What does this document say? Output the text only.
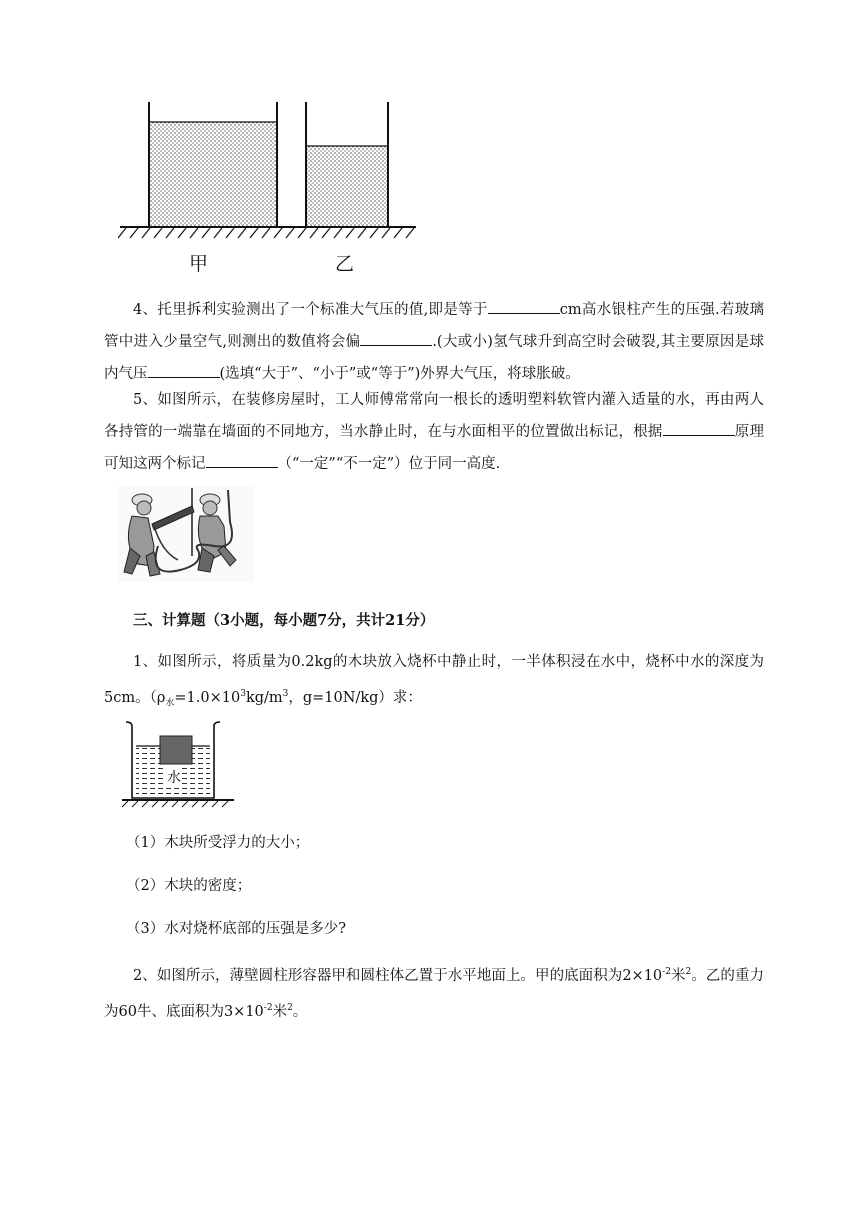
甲	乙
4、托里拆利实验测出了一个标准大气压的值,即是等于	cm高水银柱产生的压强.若玻璃管中进入少量空气,则测出的数值将会偏	.(大或小)氢气球升到高空时会破裂,其主要原因是球内气压	(选填“大于”、“小于”或“等于”)外界大气压，将球胀破。
5、如图所示，在装修房屋时，工人师傅常常向一根长的透明塑料软管内灌入适量的水，再由两人各持管的一端靠在墙面的不同地方，当水静止时，在与水面相平的位置做出标记，根据	原理可知这两个标记	（“一定”“不一定”）位于同一高度.
三、计算题（3小题，每小题7分，共计21分）
1、如图所示，将质量为0.2kg的木块放入烧杯中静止时，一半体积浸在水中，烧杯中水的深度为5cm。（$\rho_水=1.0\times 10^3kg/m^3$，g=10N/kg）求：
水
（1）木块所受浮力的大小；
（2）木块的密度；
（3）水对烧杯底部的压强是多少?
2、如图所示，薄壁圆柱形容器甲和圆柱体乙置于水平地面上。甲的底面积为$2\times 10^{-2}$米$^2$。乙的重力为60牛、底面积为$3\times 10^{-2}$米$^2$。
